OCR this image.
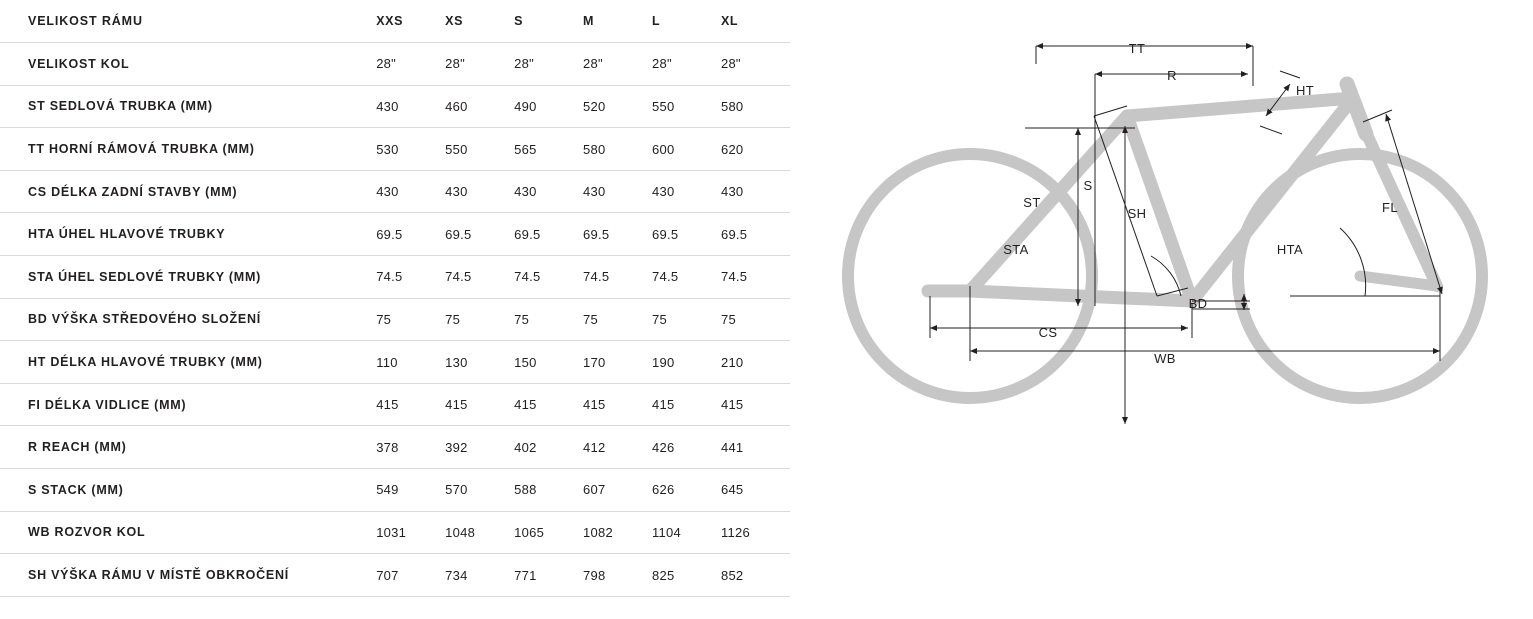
VELIKOST RÁMU	XXS	XS	S	M	L	XL
VELIKOST KOL	28"	28"	28"	28"	28"	28"
ST SEDLOVÁ TRUBKA (MM)	430	460	490	520	550	580
TT HORNÍ RÁMOVÁ TRUBKA (MM)	530	550	565	580	600	620
CS DÉLKA ZADNÍ STAVBY (MM)	430	430	430	430	430	430
HTA ÚHEL HLAVOVÉ TRUBKY	69.5	69.5	69.5	69.5	69.5	69.5
STA ÚHEL SEDLOVÉ TRUBKY (MM)	74.5	74.5	74.5	74.5	74.5	74.5
BD VÝŠKA STŘEDOVÉHO SLOŽENÍ	75	75	75	75	75	75
HT DÉLKA HLAVOVÉ TRUBKY (MM)	110	130	150	170	190	210
FI DÉLKA VIDLICE (MM)	415	415	415	415	415	415
R REACH (MM)	378	392	402	412	426	441
S STACK (MM)	549	570	588	607	626	645
WB ROZVOR KOL	1031	1048	1065	1082	1104	1126
SH VÝŠKA RÁMU V MÍSTĚ OBKROČENÍ	707	734	771	798	825	852
TT
R
HT
ST
S
SH
STA
FL
HTA
BD
CS
WB
